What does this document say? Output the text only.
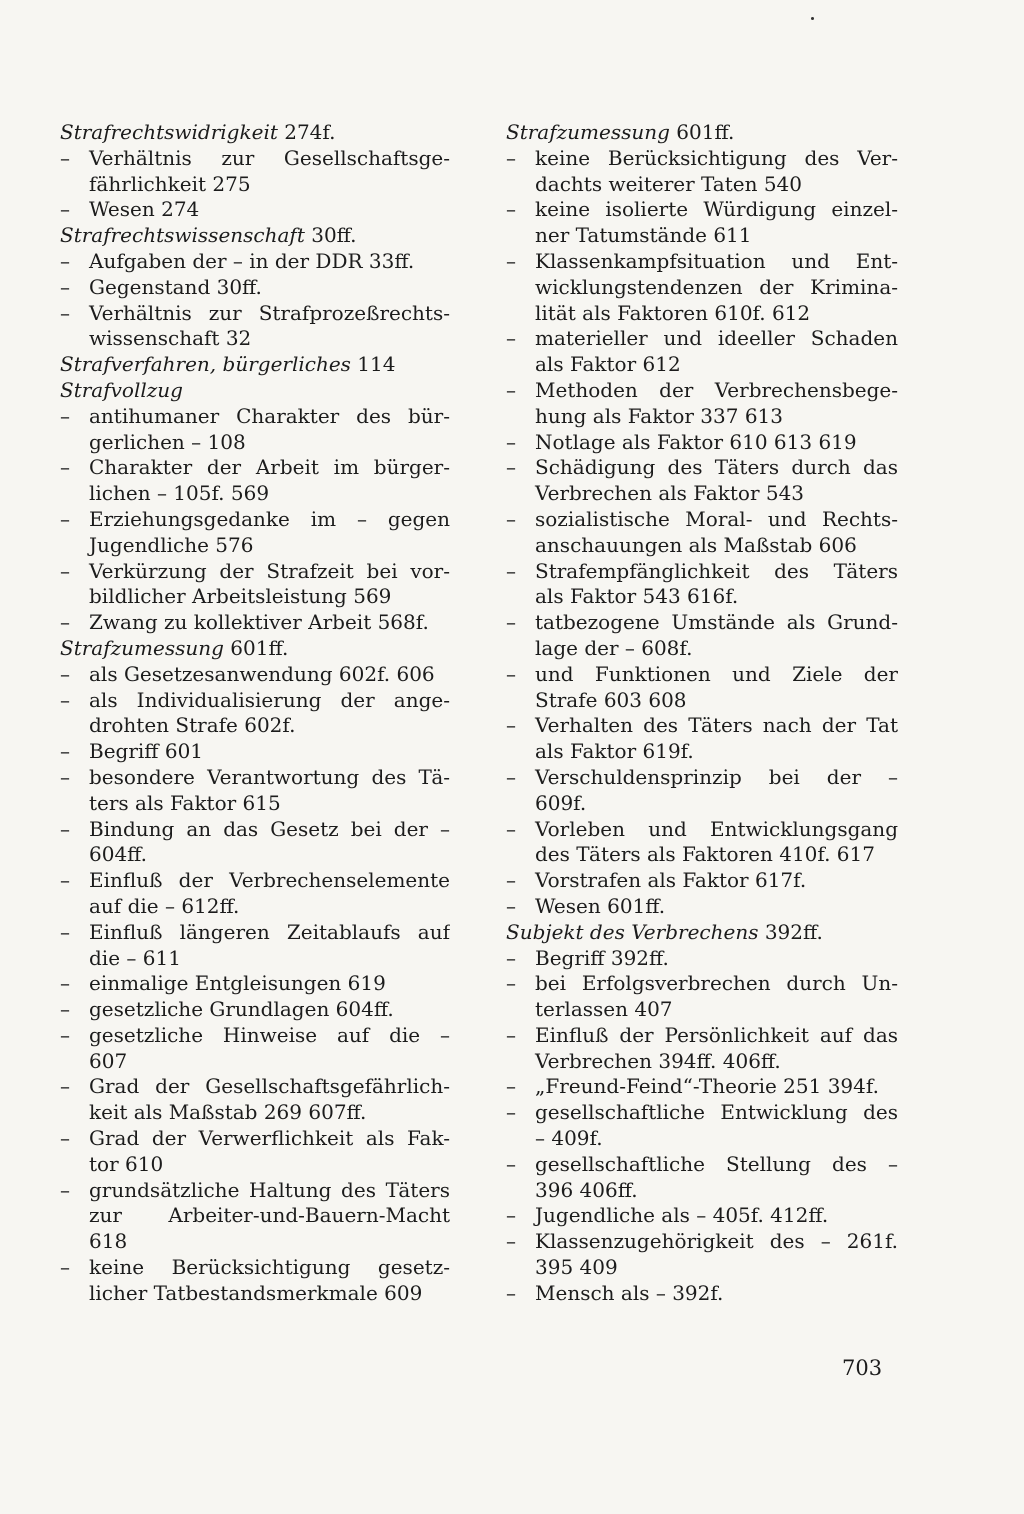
Strafrechtswidrigkeit 274f.
– Verhältnis zur Gesellschaftsge-
fährlichkeit 275
– Wesen 274
Strafrechtswissenschaft 30ff.
– Aufgaben der – in der DDR 33ff.
– Gegenstand 30ff.
– Verhältnis zur Strafprozeßrechts-
wissenschaft 32
Strafverfahren, bürgerliches 114
Strafvollzug
– antihumaner Charakter des bür-
gerlichen – 108
– Charakter der Arbeit im bürger-
lichen – 105f. 569
– Erziehungsgedanke im – gegen
Jugendliche 576
– Verkürzung der Strafzeit bei vor-
bildlicher Arbeitsleistung 569
– Zwang zu kollektiver Arbeit 568f.
Strafzumessung 601ff.
– als Gesetzesanwendung 602f. 606
– als Individualisierung der ange-
drohten Strafe 602f.
– Begriff 601
– besondere Verantwortung des Tä-
ters als Faktor 615
– Bindung an das Gesetz bei der –
604ff.
– Einfluß der Verbrechenselemente
auf die – 612ff.
– Einfluß längeren Zeitablaufs auf
die – 611
– einmalige Entgleisungen 619
– gesetzliche Grundlagen 604ff.
– gesetzliche Hinweise auf die –
607
– Grad der Gesellschaftsgefährlich-
keit als Maßstab 269 607ff.
– Grad der Verwerflichkeit als Fak-
tor 610
– grundsätzliche Haltung des Täters
zur Arbeiter-und-Bauern-Macht
618
– keine Berücksichtigung gesetz-
licher Tatbestandsmerkmale 609
Strafzumessung 601ff.
– keine Berücksichtigung des Ver-
dachts weiterer Taten 540
– keine isolierte Würdigung einzel-
ner Tatumstände 611
– Klassenkampfsituation und Ent-
wicklungstendenzen der Krimina-
lität als Faktoren 610f. 612
– materieller und ideeller Schaden
als Faktor 612
– Methoden der Verbrechensbege-
hung als Faktor 337 613
– Notlage als Faktor 610 613 619
– Schädigung des Täters durch das
Verbrechen als Faktor 543
– sozialistische Moral- und Rechts-
anschauungen als Maßstab 606
– Strafempfänglichkeit des Täters
als Faktor 543 616f.
– tatbezogene Umstände als Grund-
lage der – 608f.
– und Funktionen und Ziele der
Strafe 603 608
– Verhalten des Täters nach der Tat
als Faktor 619f.
– Verschuldensprinzip bei der –
609f.
– Vorleben und Entwicklungsgang
des Täters als Faktoren 410f. 617
– Vorstrafen als Faktor 617f.
– Wesen 601ff.
Subjekt des Verbrechens 392ff.
– Begriff 392ff.
– bei Erfolgsverbrechen durch Un-
terlassen 407
– Einfluß der Persönlichkeit auf das
Verbrechen 394ff. 406ff.
– „Freund-Feind“-Theorie 251 394f.
– gesellschaftliche Entwicklung des
– 409f.
– gesellschaftliche Stellung des –
396 406ff.
– Jugendliche als – 405f. 412ff.
– Klassenzugehörigkeit des – 261f.
395 409
– Mensch als – 392f.
703
